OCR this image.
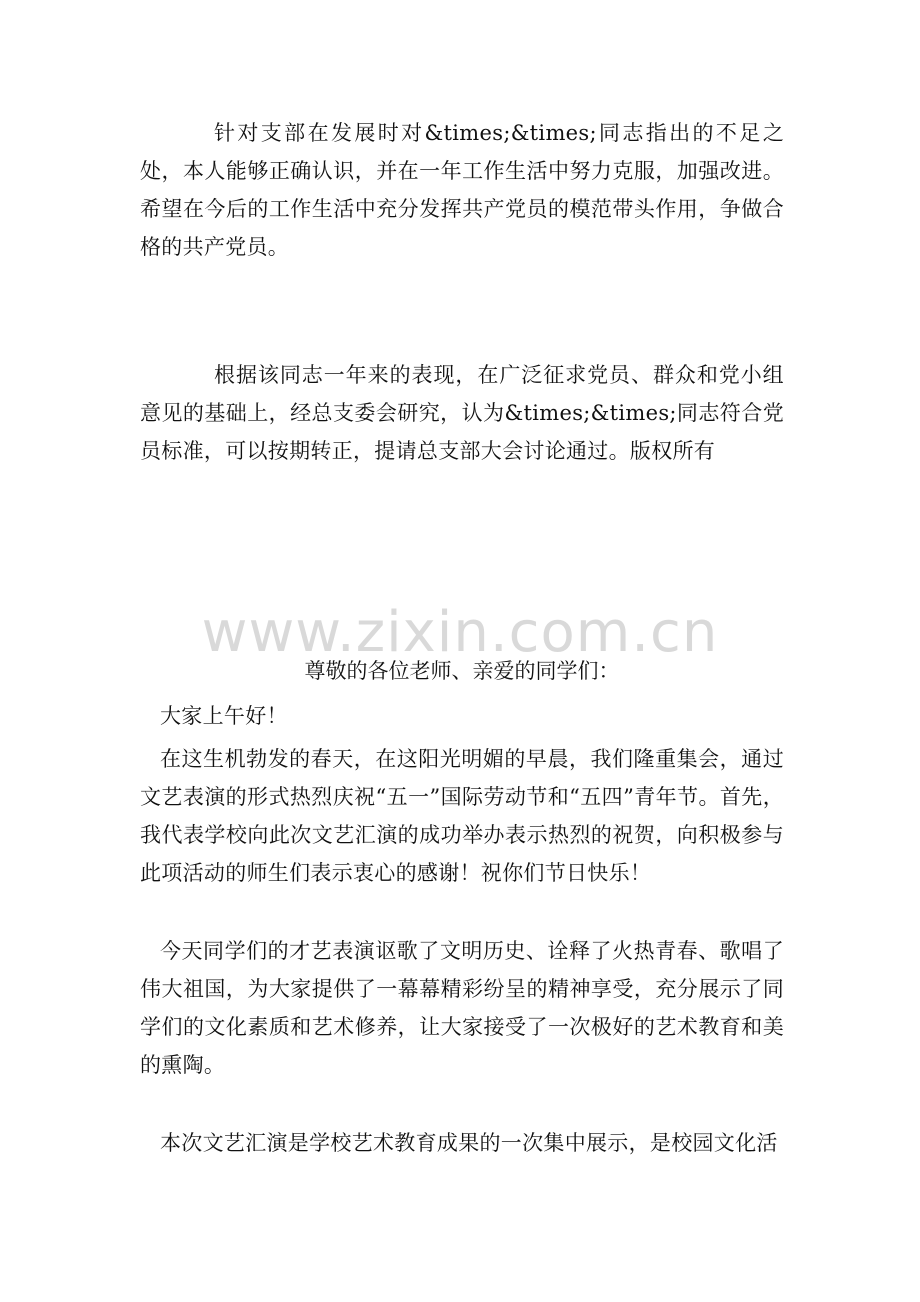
针对支部在发展时对&times;&times;同志指出的不足之处，本人能够正确认识，并在一年工作生活中努力克服，加强改进。希望在今后的工作生活中充分发挥共产党员的模范带头作用，争做合格的共产党员。

根据该同志一年来的表现，在广泛征求党员、群众和党小组意见的基础上，经总支委会研究，认为&times;&times;同志符合党员标准，可以按期转正，提请总支部大会讨论通过。版权所有

www.zixin.com.cn

尊敬的各位老师、亲爱的同学们：

大家上午好！

在这生机勃发的春天，在这阳光明媚的早晨，我们隆重集会，通过文艺表演的形式热烈庆祝“五一”国际劳动节和“五四”青年节。首先，我代表学校向此次文艺汇演的成功举办表示热烈的祝贺，向积极参与此项活动的师生们表示衷心的感谢！祝你们节日快乐！

今天同学们的才艺表演讴歌了文明历史、诠释了火热青春、歌唱了伟大祖国，为大家提供了一幕幕精彩纷呈的精神享受，充分展示了同学们的文化素质和艺术修养，让大家接受了一次极好的艺术教育和美的熏陶。

本次文艺汇演是学校艺术教育成果的一次集中展示，是校园文化活
